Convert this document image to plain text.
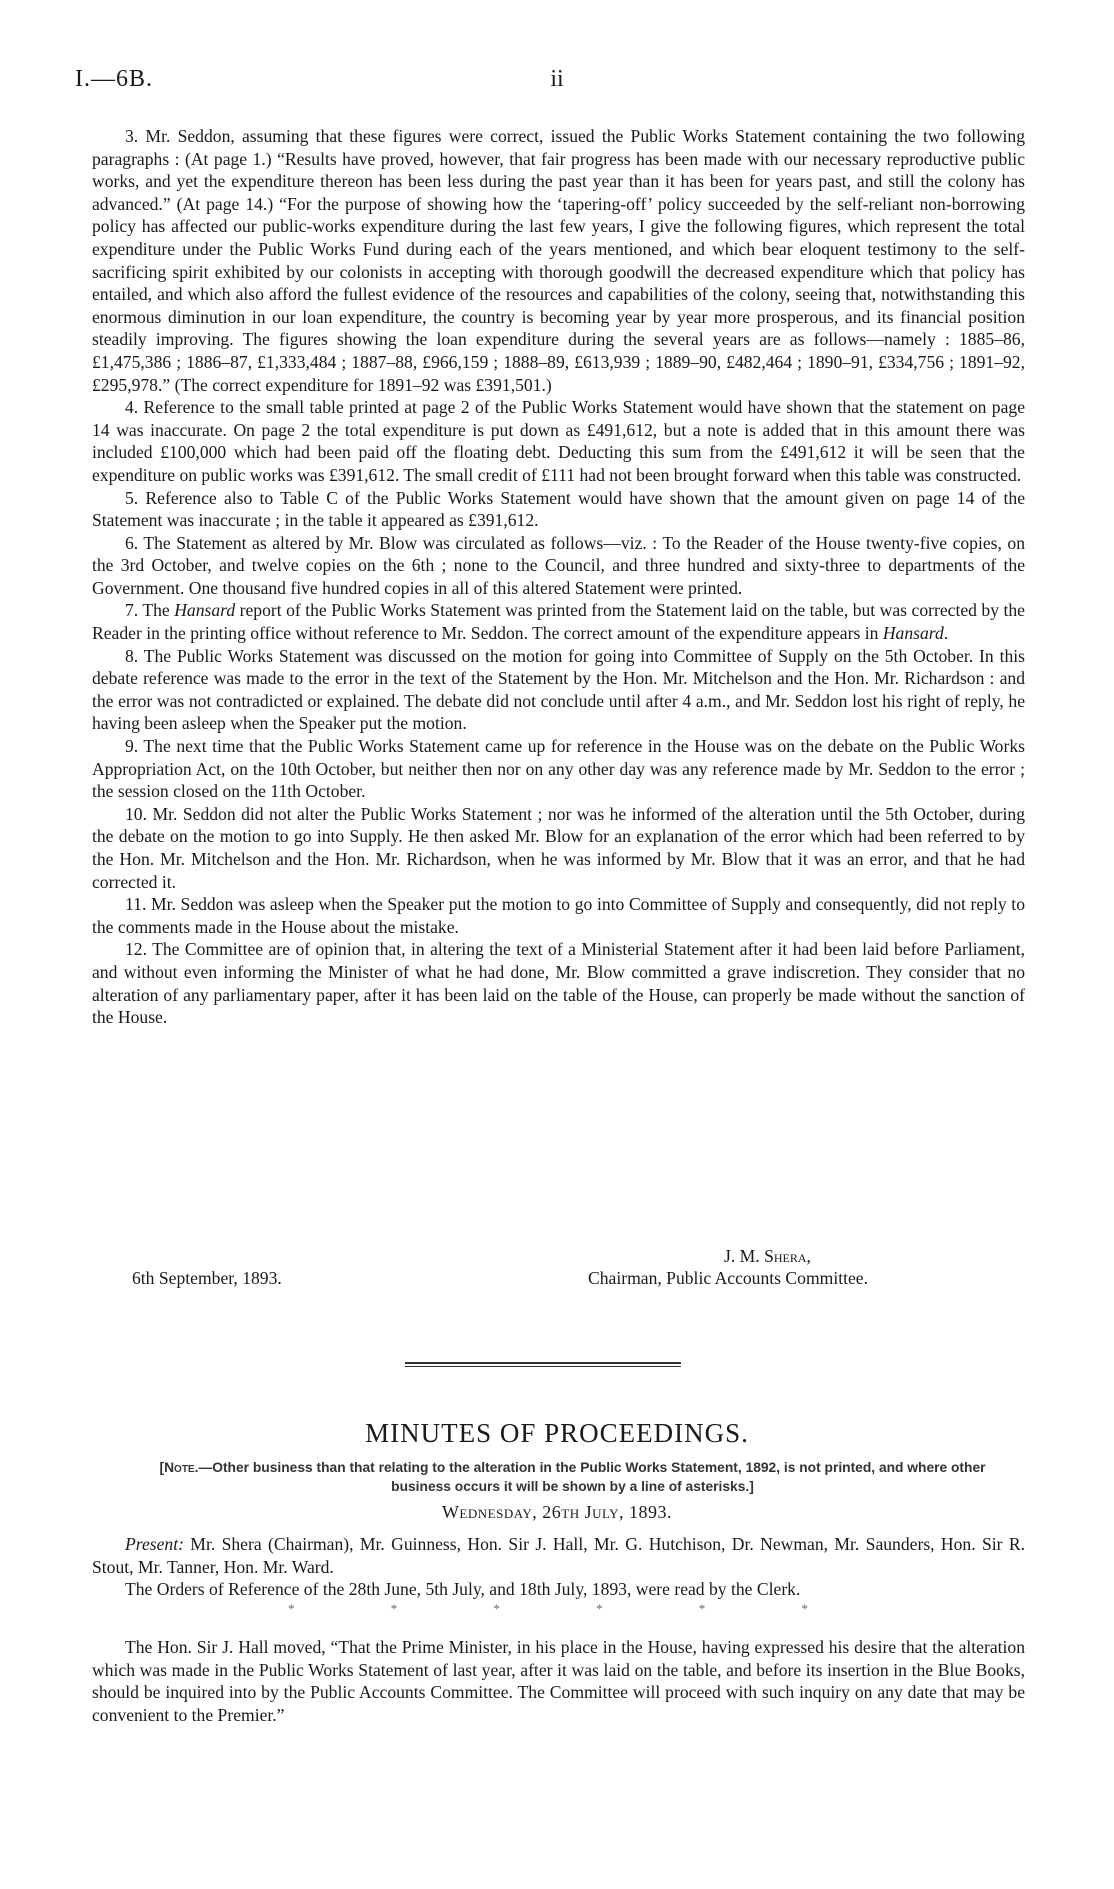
I.—6B.	ii

3. Mr. Seddon, assuming that these figures were correct, issued the Public Works Statement containing the two following paragraphs : (At page 1.) “Results have proved, however, that fair progress has been made with our necessary reproductive public works, and yet the expenditure thereon has been less during the past year than it has been for years past, and still the colony has advanced.” (At page 14.) “For the purpose of showing how the ‘tapering-off’ policy succeeded by the self-reliant non-borrowing policy has affected our public-works expenditure during the last few years, I give the following figures, which represent the total expenditure under the Public Works Fund during each of the years mentioned, and which bear eloquent testimony to the self-sacrificing spirit exhibited by our colonists in accepting with thorough goodwill the decreased expenditure which that policy has entailed, and which also afford the fullest evidence of the resources and capabilities of the colony, seeing that, notwithstanding this enormous diminution in our loan expenditure, the country is becoming year by year more prosperous, and its financial position steadily improving. The figures showing the loan expenditure during the several years are as follows—namely : 1885–86, £1,475,386 ; 1886–87, £1,333,484 ; 1887–88, £966,159 ; 1888–89, £613,939 ; 1889–90, £482,464 ; 1890–91, £334,756 ; 1891–92, £295,978.” (The correct expenditure for 1891–92 was £391,501.)

4. Reference to the small table printed at page 2 of the Public Works Statement would have shown that the statement on page 14 was inaccurate. On page 2 the total expenditure is put down as £491,612, but a note is added that in this amount there was included £100,000 which had been paid off the floating debt. Deducting this sum from the £491,612 it will be seen that the expenditure on public works was £391,612. The small credit of £111 had not been brought forward when this table was constructed.

5. Reference also to Table C of the Public Works Statement would have shown that the amount given on page 14 of the Statement was inaccurate ; in the table it appeared as £391,612.

6. The Statement as altered by Mr. Blow was circulated as follows—viz. : To the Reader of the House twenty-five copies, on the 3rd October, and twelve copies on the 6th ; none to the Council, and three hundred and sixty-three to departments of the Government. One thousand five hundred copies in all of this altered Statement were printed.

7. The Hansard report of the Public Works Statement was printed from the Statement laid on the table, but was corrected by the Reader in the printing office without reference to Mr. Seddon. The correct amount of the expenditure appears in Hansard.

8. The Public Works Statement was discussed on the motion for going into Committee of Supply on the 5th October. In this debate reference was made to the error in the text of the Statement by the Hon. Mr. Mitchelson and the Hon. Mr. Richardson : and the error was not contradicted or explained. The debate did not conclude until after 4 a.m., and Mr. Seddon lost his right of reply, he having been asleep when the Speaker put the motion.

9. The next time that the Public Works Statement came up for reference in the House was on the debate on the Public Works Appropriation Act, on the 10th October, but neither then nor on any other day was any reference made by Mr. Seddon to the error ; the session closed on the 11th October.

10. Mr. Seddon did not alter the Public Works Statement ; nor was he informed of the alteration until the 5th October, during the debate on the motion to go into Supply. He then asked Mr. Blow for an explanation of the error which had been referred to by the Hon. Mr. Mitchelson and the Hon. Mr. Richardson, when he was informed by Mr. Blow that it was an error, and that he had corrected it.

11. Mr. Seddon was asleep when the Speaker put the motion to go into Committee of Supply and consequently, did not reply to the comments made in the House about the mistake.

12. The Committee are of opinion that, in altering the text of a Ministerial Statement after it had been laid before Parliament, and without even informing the Minister of what he had done, Mr. Blow committed a grave indiscretion. They consider that no alteration of any parliamentary paper, after it has been laid on the table of the House, can properly be made without the sanction of the House.

J. M. Shera,
6th September, 1893.	Chairman, Public Accounts Committee.
MINUTES OF PROCEEDINGS.
[Note.—Other business than that relating to the alteration in the Public Works Statement, 1892, is not printed, and where other business occurs it will be shown by a line of asterisks.]
Wednesday, 26th July, 1893.

Present: Mr. Shera (Chairman), Mr. Guinness, Hon. Sir J. Hall, Mr. G. Hutchison, Dr. Newman, Mr. Saunders, Hon. Sir R. Stout, Mr. Tanner, Hon. Mr. Ward.

The Orders of Reference of the 28th June, 5th July, and 18th July, 1893, were read by the Clerk.

*	*	*	*	*	*

The Hon. Sir J. Hall moved, “That the Prime Minister, in his place in the House, having expressed his desire that the alteration which was made in the Public Works Statement of last year, after it was laid on the table, and before its insertion in the Blue Books, should be inquired into by the Public Accounts Committee. The Committee will proceed with such inquiry on any date that may be convenient to the Premier.”
